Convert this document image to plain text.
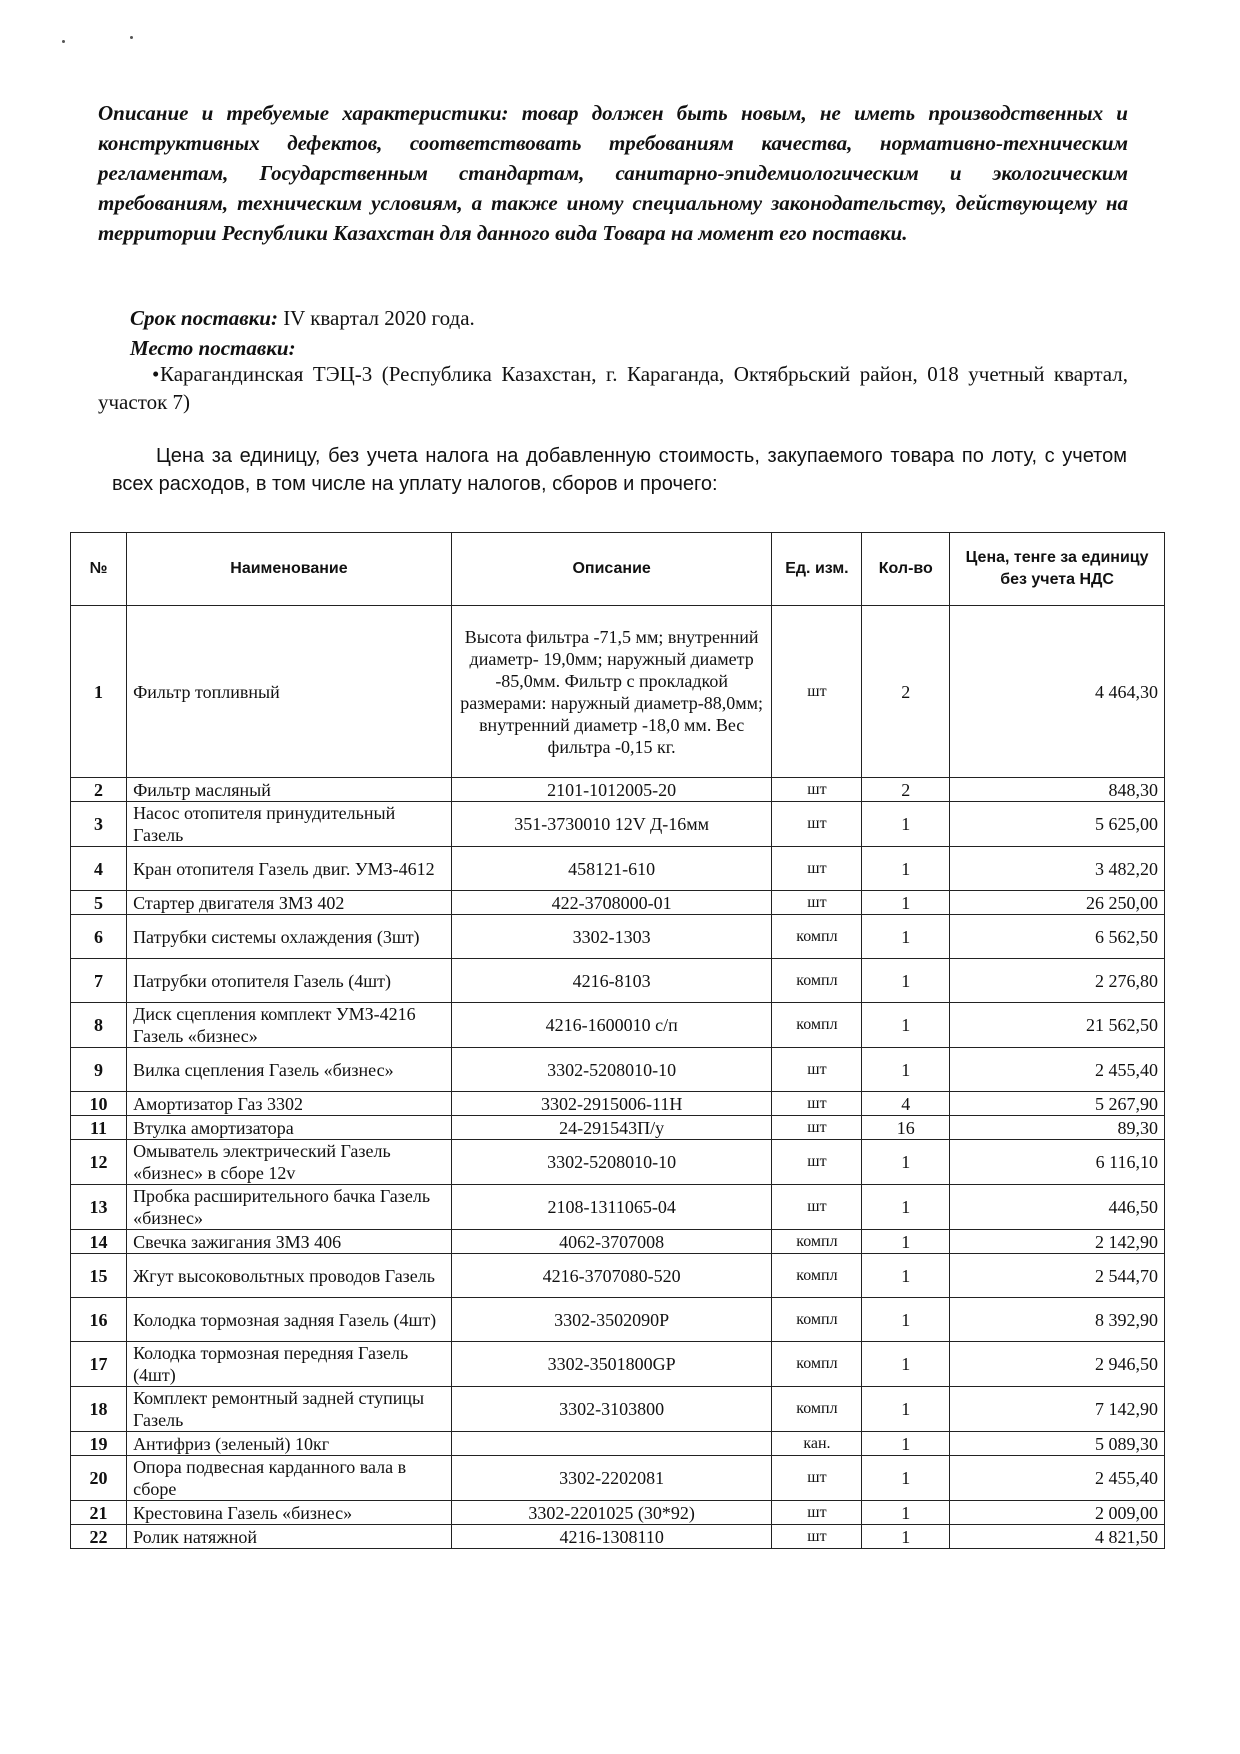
Описание и требуемые характеристики: товар должен быть новым, не иметь производственных и конструктивных дефектов, соответствовать требованиям качества, нормативно-техническим регламентам, Государственным стандартам, санитарно-эпидемиологическим и экологическим требованиям, техническим условиям, а также иному специальному законодательству, действующему на территории Республики Казахстан для данного вида Товара на момент его поставки.
Срок поставки: IV квартал 2020 года.
Место поставки:
•Карагандинская ТЭЦ-3 (Республика Казахстан, г. Караганда, Октябрьский район, 018 учетный квартал, участок 7)
Цена за единицу, без учета налога на добавленную стоимость, закупаемого товара по лоту, с учетом всех расходов, в том числе на уплату налогов, сборов и прочего:
№	Наименование	Описание	Ед. изм.	Кол-во	Цена, тенге за единицу без учета НДС
1	Фильтр топливный	Высота фильтра -71,5 мм; внутренний диаметр- 19,0мм; наружный диаметр -85,0мм. Фильтр с прокладкой размерами: наружный диаметр-88,0мм; внутренний диаметр -18,0 мм. Вес фильтра -0,15 кг.	шт	2	4 464,30
2	Фильтр масляный	2101-1012005-20	шт	2	848,30
3	Насос отопителя принудительный Газель	351-3730010 12V Д-16мм	шт	1	5 625,00
4	Кран отопителя Газель двиг. УМЗ-4612	458121-610	шт	1	3 482,20
5	Стартер двигателя ЗМЗ 402	422-3708000-01	шт	1	26 250,00
6	Патрубки системы охлаждения (3шт)	3302-1303	компл	1	6 562,50
7	Патрубки отопителя Газель (4шт)	4216-8103	компл	1	2 276,80
8	Диск сцепления комплект УМЗ-4216 Газель «бизнес»	4216-1600010 с/п	компл	1	21 562,50
9	Вилка сцепления Газель «бизнес»	3302-5208010-10	шт	1	2 455,40
10	Амортизатор Газ 3302	3302-2915006-11Н	шт	4	5 267,90
11	Втулка амортизатора	24-291543П/у	шт	16	89,30
12	Омыватель электрический Газель «бизнес» в сборе 12v	3302-5208010-10	шт	1	6 116,10
13	Пробка расширительного бачка Газель «бизнес»	2108-1311065-04	шт	1	446,50
14	Свечка зажигания ЗМЗ 406	4062-3707008	компл	1	2 142,90
15	Жгут высоковольтных проводов Газель	4216-3707080-520	компл	1	2 544,70
16	Колодка тормозная задняя Газель (4шт)	3302-3502090Р	компл	1	8 392,90
17	Колодка тормозная передняя Газель (4шт)	3302-3501800GP	компл	1	2 946,50
18	Комплект ремонтный задней ступицы Газель	3302-3103800	компл	1	7 142,90
19	Антифриз (зеленый) 10кг		кан.	1	5 089,30
20	Опора подвесная карданного вала в сборе	3302-2202081	шт	1	2 455,40
21	Крестовина Газель «бизнес»	3302-2201025 (30*92)	шт	1	2 009,00
22	Ролик натяжной	4216-1308110	шт	1	4 821,50
